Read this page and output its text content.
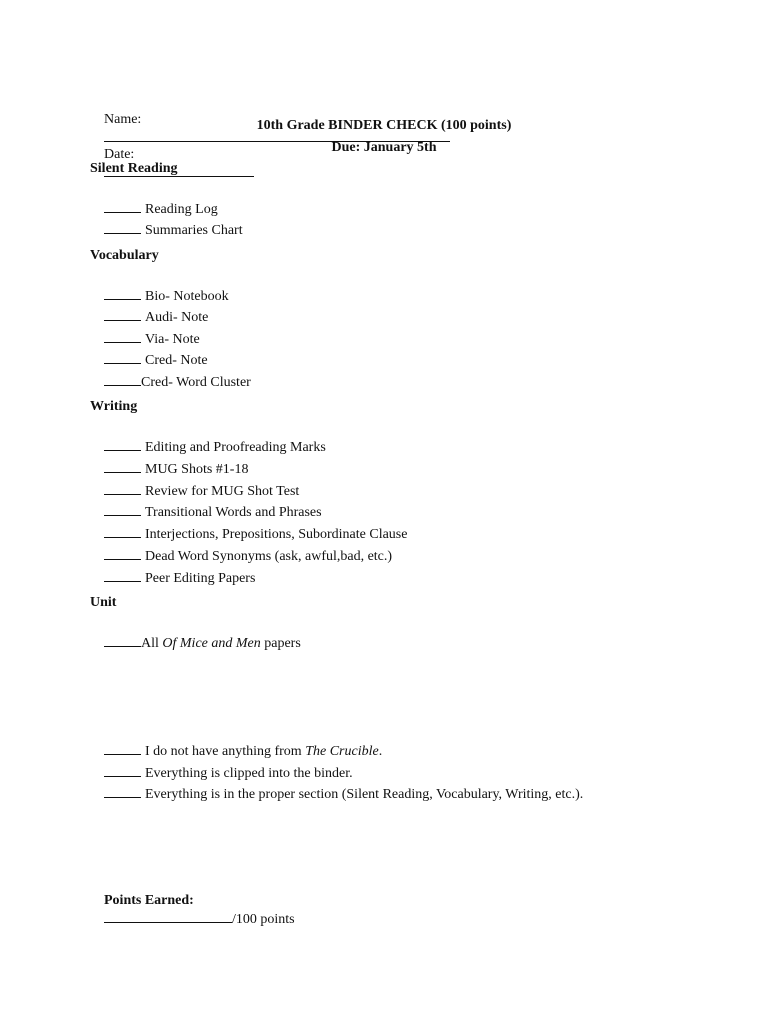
Name:

Date:

10th Grade BINDER CHECK (100 points)
Due: January 5th
Silent Reading

Reading Log

Summaries Chart

Vocabulary

Bio- Notebook

Audi- Note

Via- Note

Cred- Note

Cred- Word Cluster

Writing

Editing and Proofreading Marks

MUG Shots #1-18

Review for MUG Shot Test

Transitional Words and Phrases

Interjections, Prepositions, Subordinate Clause

Dead Word Synonyms (ask, awful,bad, etc.)

Peer Editing Papers

Unit

All Of Mice and Men papers

I do not have anything from The Crucible.

Everything is clipped into the binder.

Everything is in the proper section (Silent Reading, Vocabulary, Writing, etc.).

Points Earned:
/100 points
